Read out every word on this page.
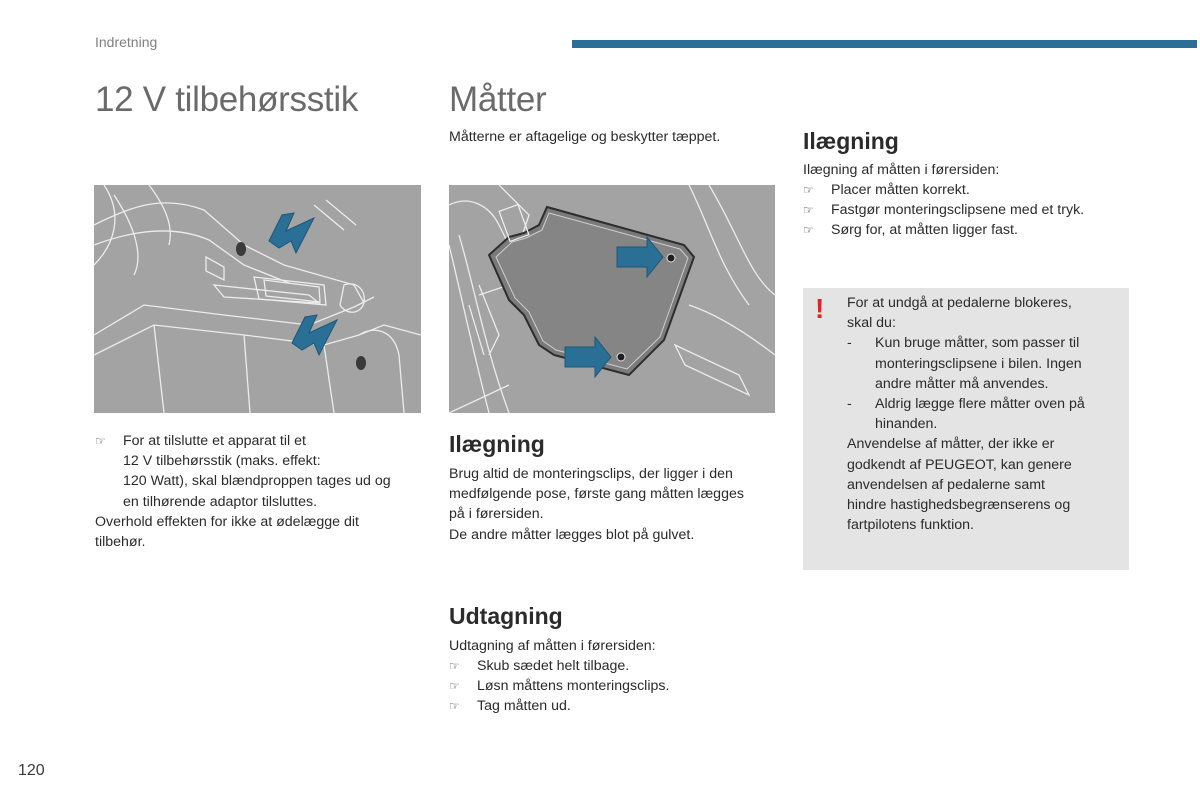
Indretning
12 V tilbehørsstik
☞ For at tilslutte et apparat til et
12 V tilbehørsstik (maks. effekt:
120 Watt), skal blændproppen tages ud og
en tilhørende adaptor tilsluttes.
Overhold effekten for ikke at ødelægge dit
tilbehør.
Måtter
Måtterne er aftagelige og beskytter tæppet.
Ilægning
Brug altid de monteringsclips, der ligger i den
medfølgende pose, første gang måtten lægges
på i førersiden.
De andre måtter lægges blot på gulvet.
Udtagning
Udtagning af måtten i førersiden:
☞ Skub sædet helt tilbage.
☞ Løsn måttens monteringsclips.
☞ Tag måtten ud.
Ilægning
Ilægning af måtten i førersiden:
☞ Placer måtten korrekt.
☞ Fastgør monteringsclipsene med et tryk.
☞ Sørg for, at måtten ligger fast.
! For at undgå at pedalerne blokeres,
skal du:
- Kun bruge måtter, som passer til
monteringsclipsene i bilen. Ingen
andre måtter må anvendes.
- Aldrig lægge flere måtter oven på
hinanden.
Anvendelse af måtter, der ikke er
godkendt af PEUGEOT, kan genere
anvendelsen af pedalerne samt
hindre hastighedsbegrænserens og
fartpilotens funktion.
120
